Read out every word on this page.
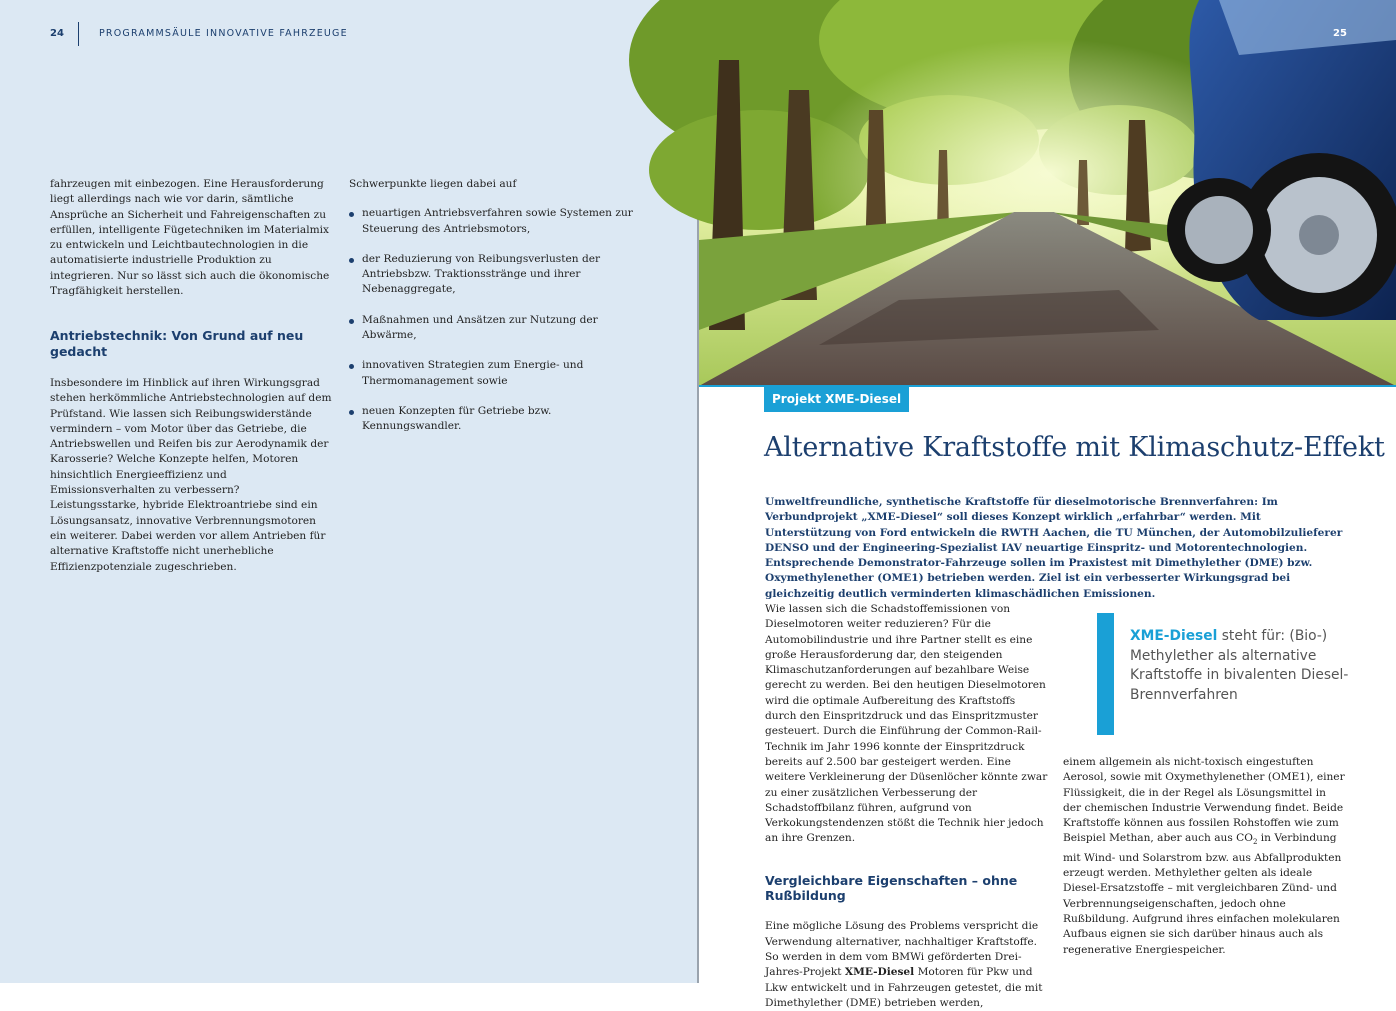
24	PROGRAMMSÄULE INNOVATIVE FAHRZEUGE

fahrzeugen mit einbezogen. Eine Herausforderung liegt allerdings nach wie vor darin, sämtliche Ansprüche an Sicherheit und Fahreigenschaften zu erfüllen, intelligente Fügetechniken im Materialmix zu entwickeln und Leichtbautechnologien in die automatisierte industrielle Produktion zu integrieren. Nur so lässt sich auch die ökonomische Tragfähigkeit herstellen.

Antriebstechnik: Von Grund auf neu gedacht

Insbesondere im Hinblick auf ihren Wirkungsgrad stehen herkömmliche Antriebstechnologien auf dem Prüfstand. Wie lassen sich Reibungswiderstände vermindern – vom Motor über das Getriebe, die Antriebswellen und Reifen bis zur Aerodynamik der Karosserie? Welche Konzepte helfen, Motoren hinsichtlich Energieeffizienz und Emissionsverhalten zu verbessern? Leistungsstarke, hybride Elektroantriebe sind ein Lösungsansatz, innovative Verbrennungsmotoren ein weiterer. Dabei werden vor allem Antrieben für alternative Kraftstoffe nicht unerhebliche Effizienzpotenziale zugeschrieben.

Schwerpunkte liegen dabei auf
neuartigen Antriebsverfahren sowie Systemen zur Steuerung des Antriebsmotors,
der Reduzierung von Reibungsverlusten der Antriebsbzw. Traktionsstränge und ihrer Nebenaggregate,
Maßnahmen und Ansätzen zur Nutzung der Abwärme,
innovativen Strategien zum Energie- und Thermomanagement sowie
neuen Konzepten für Getriebe bzw. Kennungswandler.
25
Projekt XME-Diesel
Alternative Kraftstoffe mit Klimaschutz-Effekt
Umweltfreundliche, synthetische Kraftstoffe für dieselmotorische Brennverfahren: Im Verbundprojekt „XME-Diesel“ soll dieses Konzept wirklich „erfahrbar“ werden. Mit Unterstützung von Ford entwickeln die RWTH Aachen, die TU München, der Automobilzulieferer DENSO und der Engineering-Spezialist IAV neuartige Einspritz- und Motorentechnologien. Entsprechende Demonstrator-Fahrzeuge sollen im Praxistest mit Dimethylether (DME) bzw. Oxymethylenether (OME1) betrieben werden. Ziel ist ein verbesserter Wirkungsgrad bei gleichzeitig deutlich verminderten klimaschädlichen Emissionen.

Wie lassen sich die Schadstoffemissionen von Dieselmotoren weiter reduzieren? Für die Automobilindustrie und ihre Partner stellt es eine große Herausforderung dar, den steigenden Klimaschutzanforderungen auf bezahlbare Weise gerecht zu werden. Bei den heutigen Dieselmotoren wird die optimale Aufbereitung des Kraftstoffs durch den Einspritzdruck und das Einspritzmuster gesteuert. Durch die Einführung der Common-Rail-Technik im Jahr 1996 konnte der Einspritzdruck bereits auf 2.500 bar gesteigert werden. Eine weitere Verkleinerung der Düsenlöcher könnte zwar zu einer zusätzlichen Verbesserung der Schadstoffbilanz führen, aufgrund von Verkokungstendenzen stößt die Technik hier jedoch an ihre Grenzen.

Vergleichbare Eigenschaften – ohne Rußbildung

Eine mögliche Lösung des Problems verspricht die Verwendung alternativer, nachhaltiger Kraftstoffe. So werden in dem vom BMWi geförderten Drei-Jahres-Projekt XME-Diesel Motoren für Pkw und Lkw entwickelt und in Fahrzeugen getestet, die mit Dimethylether (DME) betrieben werden,

XME-Diesel steht für: (Bio-) Methylether als alternative Kraftstoffe in bivalenten Diesel-Brennverfahren
einem allgemein als nicht-toxisch eingestuften Aerosol, sowie mit Oxymethylenether (OME1), einer Flüssigkeit, die in der Regel als Lösungsmittel in der chemischen Industrie Verwendung findet. Beide Kraftstoffe können aus fossilen Rohstoffen wie zum Beispiel Methan, aber auch aus $CO_2$ in Verbindung mit Wind- und Solarstrom bzw. aus Abfallprodukten erzeugt werden. Methylether gelten als ideale Diesel-Ersatzstoffe – mit vergleichbaren Zünd- und Verbrennungseigenschaften, jedoch ohne Rußbildung. Aufgrund ihres einfachen molekularen Aufbaus eignen sie sich darüber hinaus auch als regenerative Energiespeicher.
